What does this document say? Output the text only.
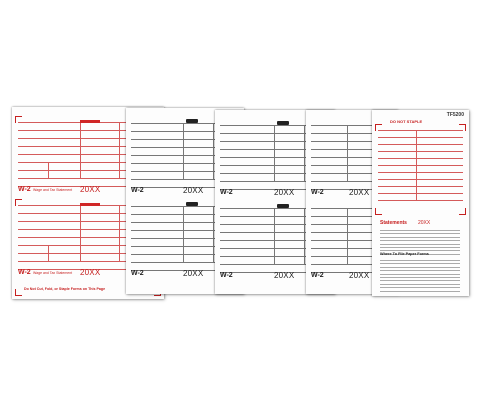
W-2 Wage and Tax Statement 20XX
W-2 Wage and Tax Statement 20XX
Do Not Cut, Fold, or Staple Forms on This Page
W-2	20XX
W-2	20XX
W-2	20XX
W-2	20XX
W-2	20XX
W-2	20XX
TF5200
DO NOT STAPLE
Statements 20XX
Where To File Paper Forms
